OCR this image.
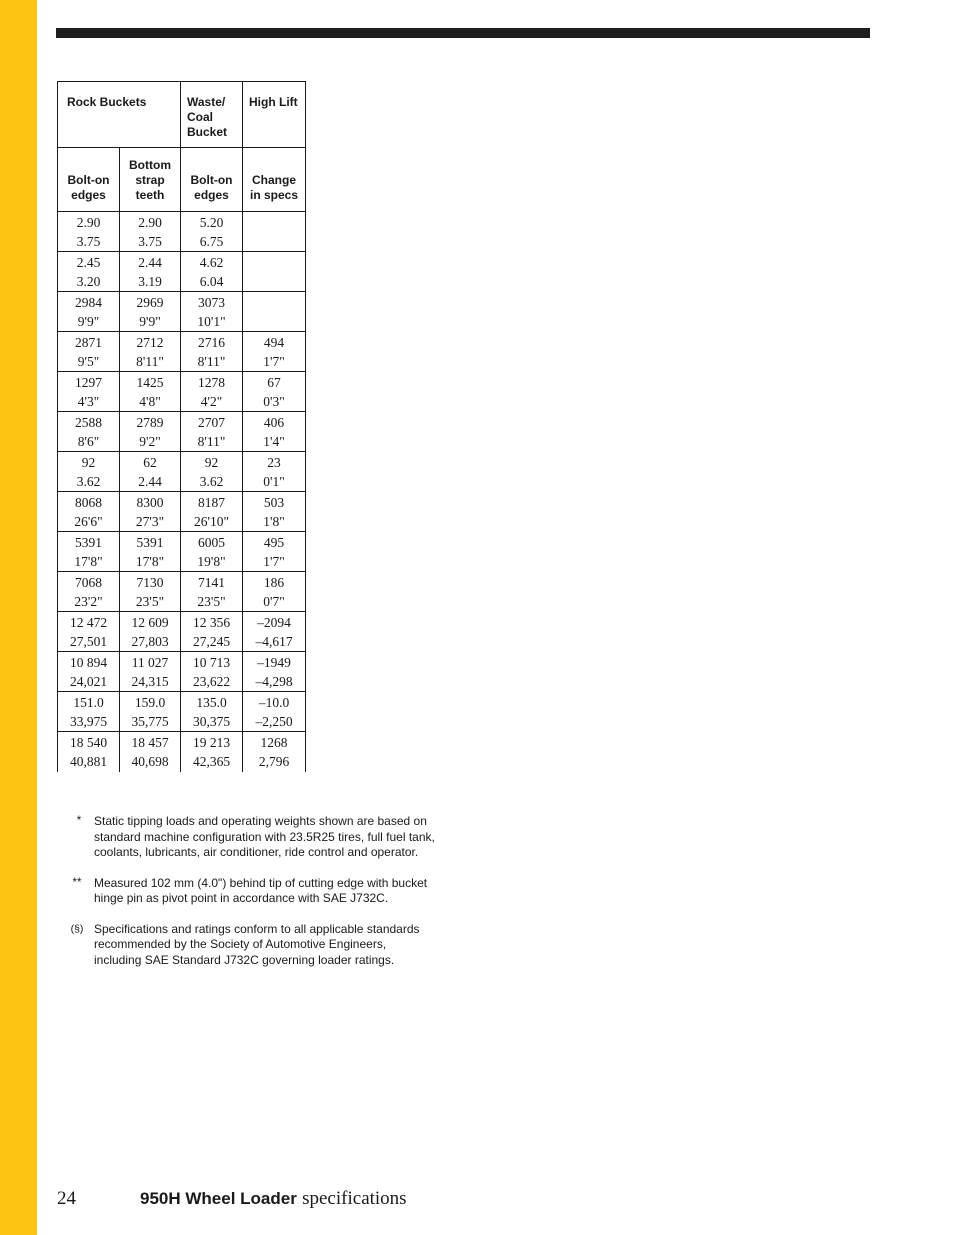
Rock Buckets		Waste/
Coal
Bucket	High Lift
Bolt-on
edges	Bottom
strap
teeth	Bolt-on
edges	Change
in specs

2.90
3.75	2.90
3.75	5.20
6.75	

2.45
3.20	2.44
3.19	4.62
6.04	

2984
9'9"	2969
9'9"	3073
10'1"	

2871
9'5"	2712
8'11"	2716
8'11"	494
1'7"

1297
4'3"	1425
4'8"	1278
4'2"	67
0'3"

2588
8'6"	2789
9'2"	2707
8'11"	406
1'4"

92
3.62	62
2.44	92
3.62	23
0'1"

8068
26'6"	8300
27'3"	8187
26'10"	503
1'8"

5391
17'8"	5391
17'8"	6005
19'8"	495
1'7"

7068
23'2"	7130
23'5"	7141
23'5"	186
0'7"

12 472
27,501	12 609
27,803	12 356
27,245	–2094
–4,617

10 894
24,021	11 027
24,315	10 713
23,622	–1949
–4,298

151.0
33,975	159.0
35,775	135.0
30,375	–10.0
–2,250

18 540
40,881	18 457
40,698	19 213
42,365	1268
2,796
*	Static tipping loads and operating weights shown are based on
standard machine configuration with 23.5R25 tires, full fuel tank,
coolants, lubricants, air conditioner, ride control and operator.
**	Measured 102 mm (4.0") behind tip of cutting edge with bucket
hinge pin as pivot point in accordance with SAE J732C.
(§) Specifications and ratings conform to all applicable standards
recommended by the Society of Automotive Engineers,
including SAE Standard J732C governing loader ratings.
24	950H Wheel Loader specifications
